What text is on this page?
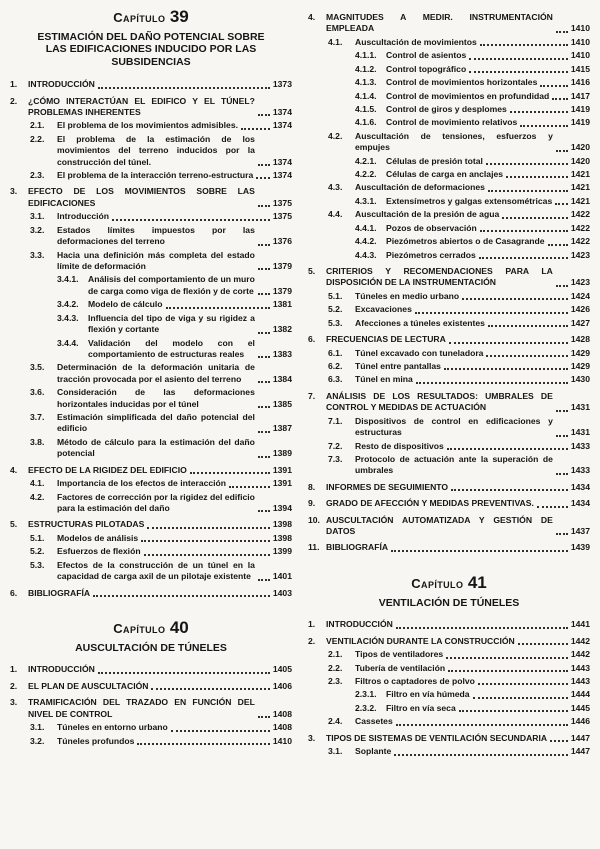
Capítulo 39
ESTIMACIÓN DEL DAÑO POTENCIAL SOBRE LAS EDIFICACIONES INDUCIDO POR LAS SUBSIDENCIAS
1.	INTRODUCCIÓN	1373
2.	¿CÓMO INTERACTÚAN EL EDIFICO Y EL TÚNEL? PROBLEMAS INHERENTES	1374
2.1.	El problema de los movimientos admisibles.	1374
2.2.	El problema de la estimación de los movimientos del terreno inducidos por la construcción del túnel.	1374
2.3.	El problema de la interacción terreno-estructura 1374
3.	EFECTO DE LOS MOVIMIENTOS SOBRE LAS EDIFICACIONES	1375
3.1.	Introducción	1375
3.2.	Estados límites impuestos por las deformaciones del terreno	1376
3.3.	Hacia una definición más completa del estado límite de deformación	1379
3.4.1.	Análisis del comportamiento de un muro de carga como viga de flexión y de corte 1379
3.4.2.	Modelo de cálculo	1381
3.4.3.	Influencia del tipo de viga y su rigidez a flexión y cortante	1382
3.4.4.	Validación del modelo con el comportamiento de estructuras reales	1383
3.5.	Determinación de la deformación unitaria de tracción provocada por el asiento del terreno	1384
3.6.	Consideración de las deformaciones horizontales inducidas por el túnel	1385
3.7.	Estimación simplificada del daño potencial del edificio	1387
3.8.	Método de cálculo para la estimación del daño potencial	1389
4.	EFECTO DE LA RIGIDEZ DEL EDIFICIO	1391
4.1.	Importancia de los efectos de interacción	1391
4.2.	Factores de corrección por la rigidez del edificio para la estimación del daño	1394
5.	ESTRUCTURAS PILOTADAS	1398
5.1.	Modelos de análisis	1398
5.2.	Esfuerzos de flexión	1399
5.3.	Efectos de la construcción de un túnel en la capacidad de carga axil de un pilotaje existente	1401
6.	BIBLIOGRAFÍA	1403
Capítulo 40
AUSCULTACIÓN DE TÚNELES
1.	INTRODUCCIÓN	1405
2.	EL PLAN DE AUSCULTACIÓN	1406
3.	TRAMIFICACIÓN DEL TRAZADO EN FUNCIÓN DEL NIVEL DE CONTROL	1408
3.1.	Túneles en entorno urbano	1408
3.2.	Túneles profundos	1410
4.	MAGNITUDES A MEDIR. INSTRUMENTACIÓN EMPLEADA	1410
4.1.	Auscultación de movimientos	1410
4.1.1.	Control de asientos	1410
4.1.2.	Control topográfico	1415
4.1.3.	Control de movimientos horizontales	1416
4.1.4.	Control de movimientos en profundidad	1417
4.1.5.	Control de giros y desplomes	1419
4.1.6.	Control de movimiento relativos	1419
4.2.	Auscultación de tensiones, esfuerzos y empujes	1420
4.2.1.	Células de presión total	1420
4.2.2.	Células de carga en anclajes	1421
4.3.	Auscultación de deformaciones	1421
4.3.1.	Extensímetros y galgas extensométricas 1421
4.4.	Auscultación de la presión de agua	1422
4.4.1.	Pozos de observación	1422
4.4.2.	Piezómetros abiertos o de Casagrande	1422
4.4.3.	Piezómetros cerrados	1423
5.	CRITERIOS Y RECOMENDACIONES PARA LA DISPOSICIÓN DE LA INSTRUMENTACIÓN	1423
5.1.	Túneles en medio urbano	1424
5.2.	Excavaciones	1426
5.3.	Afecciones a túneles existentes	1427
6.	FRECUENCIAS DE LECTURA	1428
6.1.	Túnel excavado con tuneladora	1429
6.2.	Túnel entre pantallas	1429
6.3.	Túnel en mina	1430
7.	ANÁLISIS DE LOS RESULTADOS: UMBRALES DE CONTROL Y MEDIDAS DE ACTUACIÓN	1431
7.1.	Dispositivos de control en edificaciones y estructuras	1431
7.2.	Resto de dispositivos	1433
7.3.	Protocolo de actuación ante la superación de umbrales	1433
8.	INFORMES DE SEGUIMIENTO	1434
9.	GRADO DE AFECCIÓN Y MEDIDAS PREVENTIVAS.	1434
10. AUSCULTACIÓN AUTOMATIZADA Y GESTIÓN DE DATOS	1437
11. BIBLIOGRAFÍA	1439
Capítulo 41
VENTILACIÓN DE TÚNELES
1.	INTRODUCCIÓN	1441
2.	VENTILACIÓN DURANTE LA CONSTRUCCIÓN	1442
2.1.	Tipos de ventiladores	1442
2.2.	Tubería de ventilación	1443
2.3.	Filtros o captadores de polvo	1443
2.3.1.	Filtro en vía húmeda	1444
2.3.2.	Filtro en vía seca	1445
2.4.	Cassetes	1446
3.	TIPOS DE SISTEMAS DE VENTILACIÓN SECUNDARIA	1447
3.1.	Soplante	1447
